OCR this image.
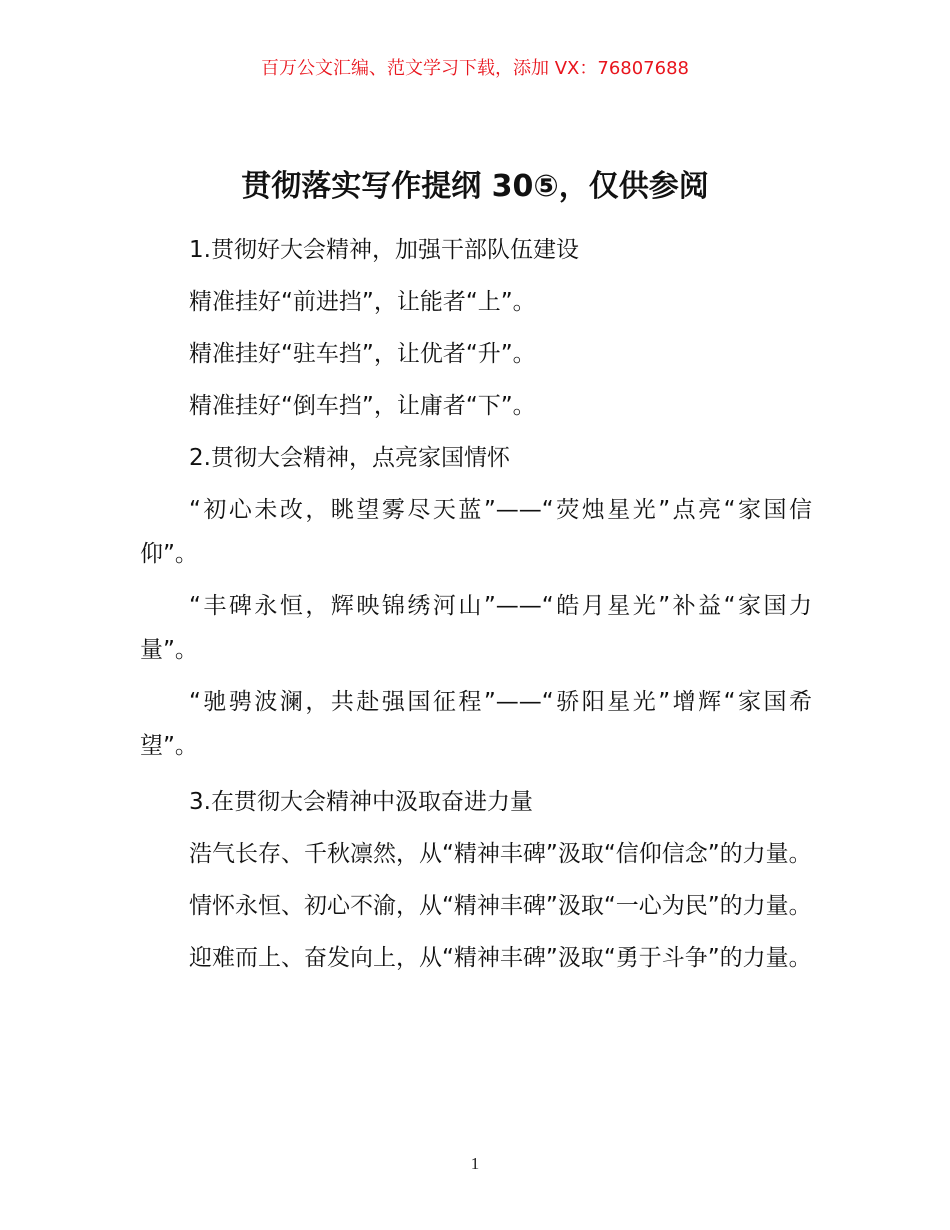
百万公文汇编、范文学习下载，添加 VX：76807688
贯彻落实写作提纲 30⑤，仅供参阅
1.贯彻好大会精神，加强干部队伍建设
精准挂好“前进挡”，让能者“上”。
精准挂好“驻车挡”，让优者“升”。
精准挂好“倒车挡”，让庸者“下”。
2.贯彻大会精神，点亮家国情怀
“初心未改，眺望雾尽天蓝”——“荧烛星光”点亮“家国信仰”。
“丰碑永恒，辉映锦绣河山”——“皓月星光”补益“家国力量”。
“驰骋波澜，共赴强国征程”——“骄阳星光”增辉“家国希望”。
3.在贯彻大会精神中汲取奋进力量
浩气长存、千秋凛然，从“精神丰碑”汲取“信仰信念”的力量。
情怀永恒、初心不渝，从“精神丰碑”汲取“一心为民”的力量。
迎难而上、奋发向上，从“精神丰碑”汲取“勇于斗争”的力量。
1
